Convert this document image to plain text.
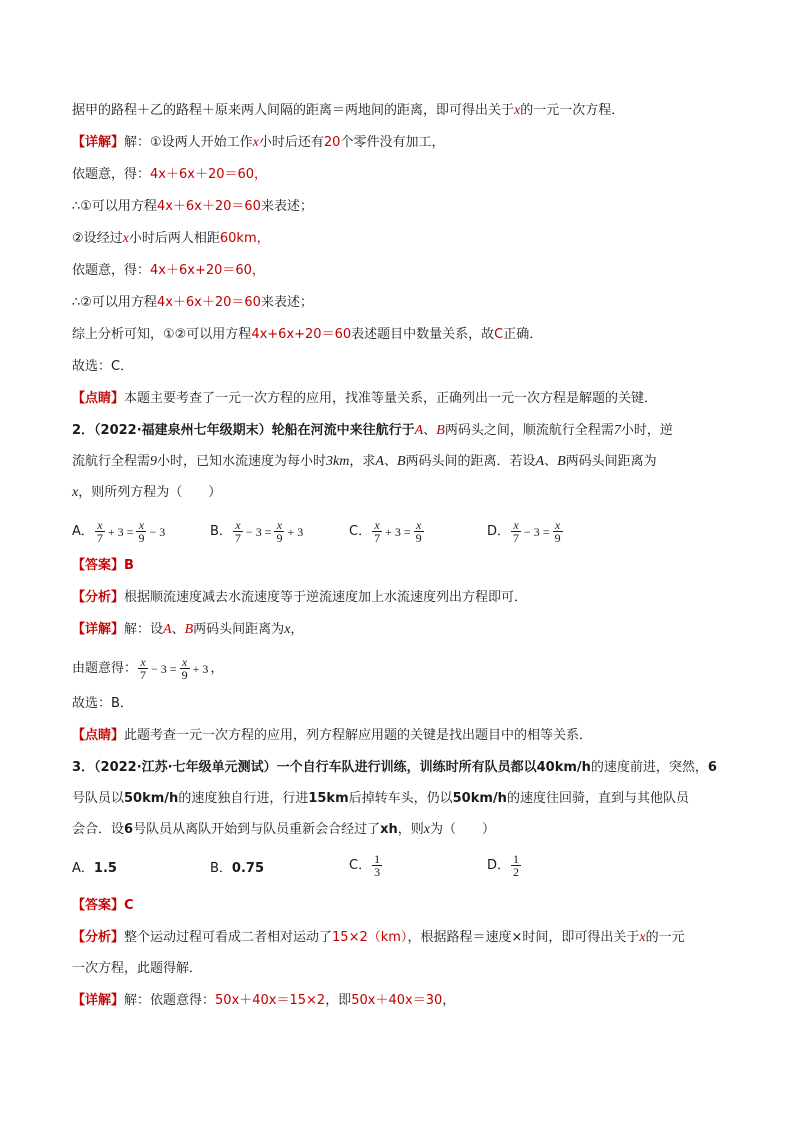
据甲的路程＋乙的路程＋原来两人间隔的距离＝两地间的距离，即可得出关于x的一元一次方程．
【详解】解：①设两人开始工作x小时后还有20个零件没有加工，
依题意，得：4x＋6x＋20＝60，
∴①可以用方程4x＋6x＋20＝60来表述；
②设经过x小时后两人相距60km，
依题意，得：4x＋6x+20＝60，
∴②可以用方程4x＋6x＋20＝60来表述；
综上分析可知，①②可以用方程4x+6x+20＝60表述题目中数量关系，故C正确．
故选：C．
【点睛】本题主要考查了一元一次方程的应用，找准等量关系，正确列出一元一次方程是解题的关键．
2．（2022·福建泉州七年级期末）轮船在河流中来往航行于A、B两码头之间，顺流航行全程需7小时，逆
流航行全程需9小时，已知水流速度为每小时3km，求A、B两码头间的距离．若设A、B两码头间距离为
x，则所列方程为（　　）
A． $\frac{x}{7} + 3 = \frac{x}{9} - 3$	B． $\frac{x}{7} - 3 = \frac{x}{9} + 3$	C． $\frac{x}{7} + 3 = \frac{x}{9}$	D． $\frac{x}{7} - 3 = \frac{x}{9}$
【答案】B
【分析】根据顺流速度减去水流速度等于逆流速度加上水流速度列出方程即可．
【详解】解：设A、B两码头间距离为x，
由题意得： $\frac{x}{7} - 3 = \frac{x}{9} + 3$ ，
故选：B．
【点睛】此题考查一元一次方程的应用，列方程解应用题的关键是找出题目中的相等关系．
3．（2022·江苏·七年级单元测试）一个自行车队进行训练，训练时所有队员都以40km/h的速度前进，突然，6
号队员以50km/h的速度独自行进，行进15km后掉转车头，仍以50km/h的速度往回骑，直到与其他队员
会合．设6号队员从离队开始到与队员重新会合经过了xh，则x为（　　）
A． 1.5	B． 0.75	C． $\frac{1}{3}$	D． $\frac{1}{2}$
【答案】C
【分析】整个运动过程可看成二者相对运动了15×2（km），根据路程＝速度×时间，即可得出关于x的一元
一次方程，此题得解．
【详解】解：依题意得：50x＋40x＝15×2，即50x＋40x＝30，
